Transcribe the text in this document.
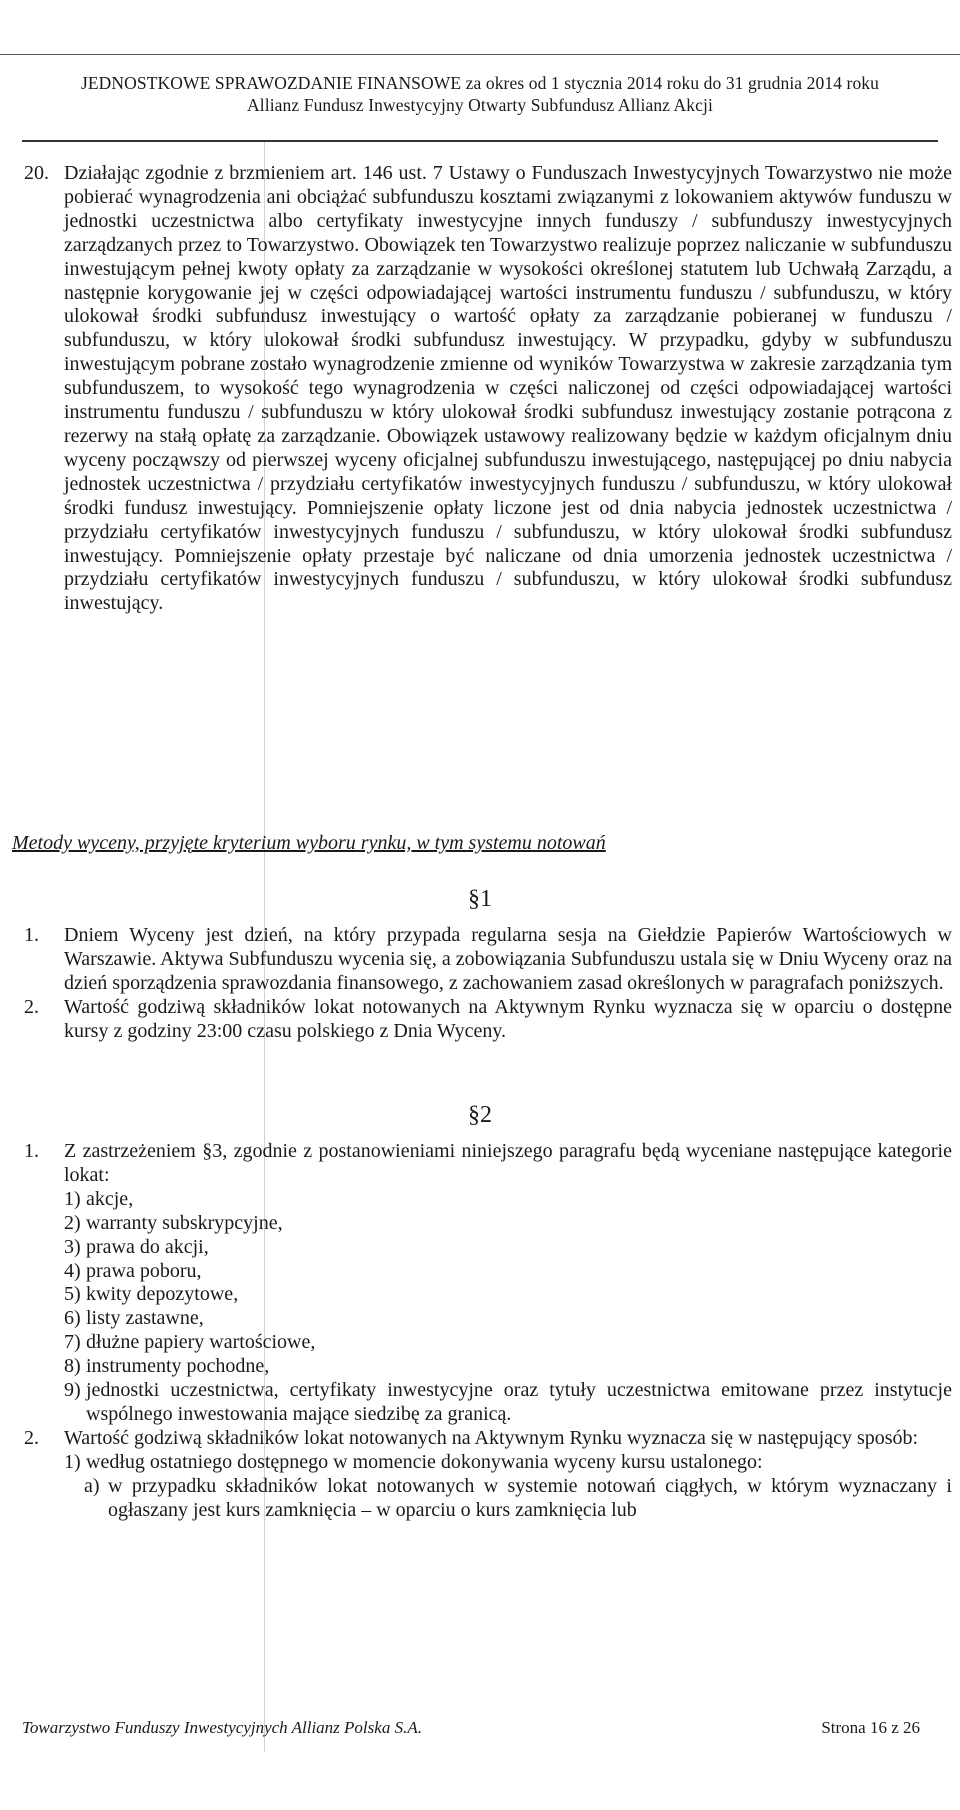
JEDNOSTKOWE SPRAWOZDANIE FINANSOWE za okres od 1 stycznia 2014 roku do 31 grudnia 2014 roku
Allianz Fundusz Inwestycyjny Otwarty Subfundusz Allianz Akcji
20. Działając zgodnie z brzmieniem art. 146 ust. 7 Ustawy o Funduszach Inwestycyjnych Towarzystwo nie może pobierać wynagrodzenia ani obciążać subfunduszu kosztami związanymi z lokowaniem aktywów funduszu w jednostki uczestnictwa albo certyfikaty inwestycyjne innych funduszy / subfunduszy inwestycyjnych zarządzanych przez to Towarzystwo. Obowiązek ten Towarzystwo realizuje poprzez naliczanie w subfunduszu inwestującym pełnej kwoty opłaty za zarządzanie w wysokości określonej statutem lub Uchwałą Zarządu, a następnie korygowanie jej w części odpowiadającej wartości instrumentu funduszu / subfunduszu, w który ulokował środki subfundusz inwestujący o wartość opłaty za zarządzanie pobieranej w funduszu / subfunduszu, w który ulokował środki subfundusz inwestujący. W przypadku, gdyby w subfunduszu inwestującym pobrane zostało wynagrodzenie zmienne od wyników Towarzystwa w zakresie zarządzania tym subfunduszem, to wysokość tego wynagrodzenia w części naliczonej od części odpowiadającej wartości instrumentu funduszu / subfunduszu w który ulokował środki subfundusz inwestujący zostanie potrącona z rezerwy na stałą opłatę za zarządzanie. Obowiązek ustawowy realizowany będzie w każdym oficjalnym dniu wyceny począwszy od pierwszej wyceny oficjalnej subfunduszu inwestującego, następującej po dniu nabycia jednostek uczestnictwa / przydziału certyfikatów inwestycyjnych funduszu / subfunduszu, w który ulokował środki fundusz inwestujący. Pomniejszenie opłaty liczone jest od dnia nabycia jednostek uczestnictwa / przydziału certyfikatów inwestycyjnych funduszu / subfunduszu, w który ulokował środki subfundusz inwestujący. Pomniejszenie opłaty przestaje być naliczane od dnia umorzenia jednostek uczestnictwa / przydziału certyfikatów inwestycyjnych funduszu / subfunduszu, w który ulokował środki subfundusz inwestujący.
Metody wyceny, przyjęte kryterium wyboru rynku, w tym systemu notowań
§1
1. Dniem Wyceny jest dzień, na który przypada regularna sesja na Giełdzie Papierów Wartościowych w Warszawie. Aktywa Subfunduszu wycenia się, a zobowiązania Subfunduszu ustala się w Dniu Wyceny oraz na dzień sporządzenia sprawozdania finansowego, z zachowaniem zasad określonych w paragrafach poniższych.
2. Wartość godziwą składników lokat notowanych na Aktywnym Rynku wyznacza się w oparciu o dostępne kursy z godziny 23:00 czasu polskiego z Dnia Wyceny.
§2
1. Z zastrzeżeniem §3, zgodnie z postanowieniami niniejszego paragrafu będą wyceniane następujące kategorie lokat:
1) akcje,
2) warranty subskrypcyjne,
3) prawa do akcji,
4) prawa poboru,
5) kwity depozytowe,
6) listy zastawne,
7) dłużne papiery wartościowe,
8) instrumenty pochodne,
9) jednostki uczestnictwa, certyfikaty inwestycyjne oraz tytuły uczestnictwa emitowane przez instytucje wspólnego inwestowania mające siedzibę za granicą.
2. Wartość godziwą składników lokat notowanych na Aktywnym Rynku wyznacza się w następujący sposób:
1) według ostatniego dostępnego w momencie dokonywania wyceny kursu ustalonego:
a) w przypadku składników lokat notowanych w systemie notowań ciągłych, w którym wyznaczany i ogłaszany jest kurs zamknięcia – w oparciu o kurs zamknięcia lub
Towarzystwo Funduszy Inwestycyjnych Allianz Polska S.A.	Strona 16 z 26
